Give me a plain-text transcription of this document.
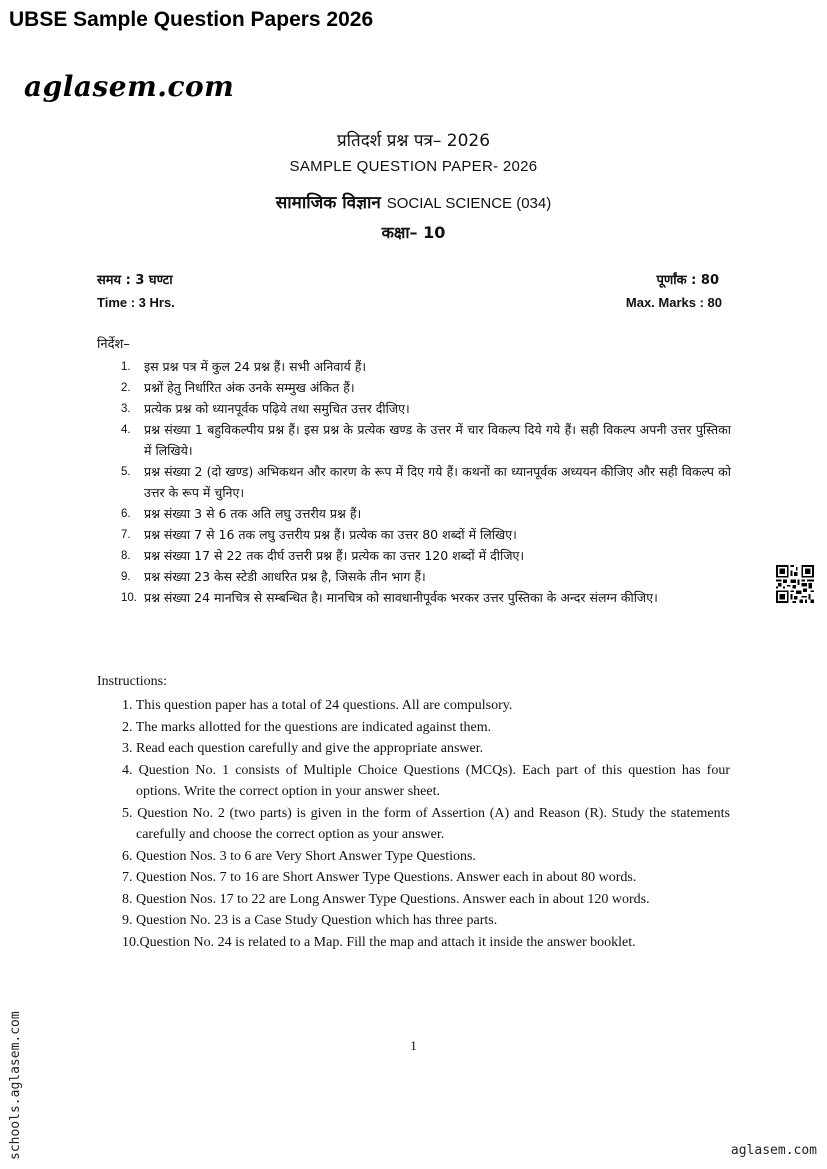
UBSE Sample Question Papers 2026
aglasem.com
प्रतिदर्श प्रश्न पत्र– 2026
SAMPLE QUESTION PAPER- 2026
सामाजिक विज्ञान SOCIAL SCIENCE (034)
कक्षा– 10
समय : 3 घण्टा	पूर्णांक : 80
Time : 3 Hrs.	Max. Marks : 80
निर्देश–
1. इस प्रश्न पत्र में कुल 24 प्रश्न हैं। सभी अनिवार्य हैं।
2. प्रश्नों हेतु निर्धारित अंक उनके सम्मुख अंकित हैं।
3. प्रत्येक प्रश्न को ध्यानपूर्वक पढ़िये तथा समुचित उत्तर दीजिए।
4. प्रश्न संख्या 1 बहुविकल्पीय प्रश्न हैं। इस प्रश्न के प्रत्येक खण्ड के उत्तर में चार विकल्प दिये गये हैं। सही विकल्प अपनी उत्तर पुस्तिका में लिखिये।
5. प्रश्न संख्या 2 (दो खण्ड) अभिकथन और कारण के रूप में दिए गये हैं। कथनों का ध्यानपूर्वक अध्ययन कीजिए और सही विकल्प को उत्तर के रूप में चुनिए।
6. प्रश्न संख्या 3 से 6 तक अति लघु उत्तरीय प्रश्न हैं।
7. प्रश्न संख्या 7 से 16 तक लघु उत्तरीय प्रश्न हैं। प्रत्येक का उत्तर 80 शब्दों में लिखिए।
8. प्रश्न संख्या 17 से 22 तक दीर्घ उत्तरी प्रश्न हैं। प्रत्येक का उत्तर 120 शब्दों में दीजिए।
9. प्रश्न संख्या 23 केस स्टेडी आधरित प्रश्न है, जिसके तीन भाग हैं।
10. प्रश्न संख्या 24 मानचित्र से सम्बन्धित है। मानचित्र को सावधानीपूर्वक भरकर उत्तर पुस्तिका के अन्दर संलग्न कीजिए।
Instructions:
1. This question paper has a total of 24 questions. All are compulsory.
2. The marks allotted for the questions are indicated against them.
3. Read each question carefully and give the appropriate answer.
4. Question No. 1 consists of Multiple Choice Questions (MCQs). Each part of this question has four options. Write the correct option in your answer sheet.
5. Question No. 2 (two parts) is given in the form of Assertion (A) and Reason (R). Study the statements carefully and choose the correct option as your answer.
6. Question Nos. 3 to 6 are Very Short Answer Type Questions.
7. Question Nos. 7 to 16 are Short Answer Type Questions. Answer each in about 80 words.
8. Question Nos. 17 to 22 are Long Answer Type Questions. Answer each in about 120 words.
9. Question No. 23 is a Case Study Question which has three parts.
10.Question No. 24 is related to a Map. Fill the map and attach it inside the answer booklet.
1
schools.aglasem.com	aglasem.com
